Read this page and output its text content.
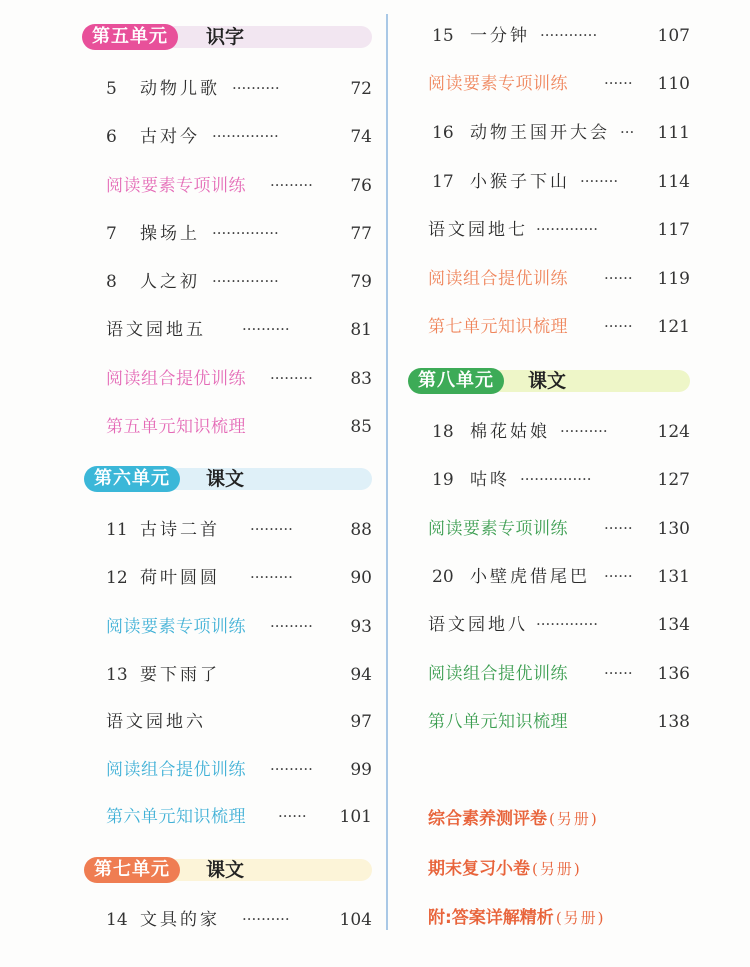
第五单元	识字
5 动物儿歌 ··········	72
6 古对今 ··············	74
阅读要素专项训练 ·········	76
7 操场上 ··············	77
8 人之初 ··············	79
语文园地五 ··········	81
阅读组合提优训练 ·········	83
第五单元知识梳理	85
第六单元	课文
11 古诗二首 ·········	88
12 荷叶圆圆 ·········	90
阅读要素专项训练 ·········	93
13 要下雨了	94
语文园地六	97
阅读组合提优训练 ·········	99
第六单元知识梳理 ······	101
第七单元	课文
14 文具的家 ··········	104
15 一分钟 ············	107
阅读要素专项训练 ······	110
16 动物王国开大会 ···	111
17 小猴子下山 ········	114
语文园地七 ·············	117
阅读组合提优训练 ······	119
第七单元知识梳理 ······	121
第八单元	课文
18 棉花姑娘 ··········	124
19 咕咚 ···············	127
阅读要素专项训练 ······	130
20 小壁虎借尾巴 ······	131
语文园地八 ·············	134
阅读组合提优训练 ······	136
第八单元知识梳理	138
综合素养测评卷 (另册)
期末复习小卷 (另册)
附:答案详解精析 (另册)
